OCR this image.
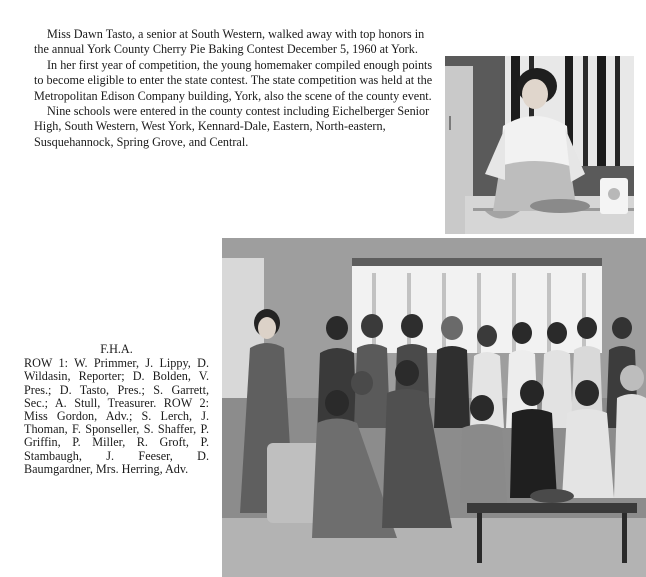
Miss Dawn Tasto, a senior at South Western, walked away with top honors in the annual York County Cherry Pie Baking Contest December 5, 1960 at York.

In her first year of competition, the young homemaker compiled enough points to become eligible to enter the state contest. The state competition was held at the Metropolitan Edison Company building, York, also the scene of the county event.

Nine schools were entered in the county contest including Eichelberger Senior High, South Western, West York, Kennard-Dale, Eastern, North-eastern, Susquehannock, Spring Grove, and Central.

F.H.A.
ROW 1: W. Primmer, J. Lippy, D. Wildasin, Reporter; D. Bolden, V. Pres.; D. Tasto, Pres.; S. Garrett, Sec.; A. Stull, Treasurer. ROW 2: Miss Gordon, Adv.; S. Lerch, J. Thoman, F. Sponseller, S. Shaffer, P. Griffin, P. Miller, R. Groft, P. Stambaugh, J. Feeser, D. Baumgardner, Mrs. Herring, Adv.
